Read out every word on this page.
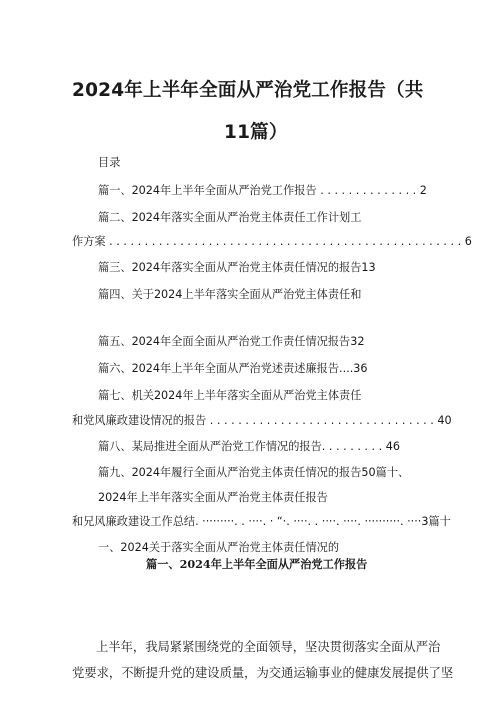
2024年上半年全面从严治党工作报告（共
11篇）
目录
篇一、2024年上半年全面从严治党工作报告 . . . . . . . . . . . . . . 2
篇二、2024年落实全面从严治党主体责任工作计划工
作方案 . . . . . . . . . . . . . . . . . . . . . . . . . . . . . . . . . . . . . . . . . . . . . . . . . . 6
篇三、2024年落实全面从严治党主体责任情况的报告13
篇四、关于2024上半年落实全面从严治党主体责任和
篇五、2024年全面全面从严治党工作责任情况报告32
篇六、2024年上半年全面从严治党述责述廉报告....36
篇七、机关2024年上半年落实全面从严治党主体责任
和党风廉政建设情况的报告 . . . . . . . . . . . . . . . . . . . . . . . . . . . . . . . . 40
篇八、某局推进全面从严治党工作情况的报告. . . . . . . . . 46
篇九、2024年履行全面从严治党主体责任情况的报告50篇十、
2024年上半年落实全面从严治党主体责任报告
和兄风廉政建设工作总结. ·········. . ····. · “·. ····. . ····. ····. ··········. ····3篇十
一、2024关于落实全面从严治党主体责任情况的
篇一、2024年上半年全面从严治党工作报告
上半年，我局紧紧围绕党的全面领导，坚决贯彻落实全面从严治
党要求，不断提升党的建设质量，为交通运输事业的健康发展提供了坚
